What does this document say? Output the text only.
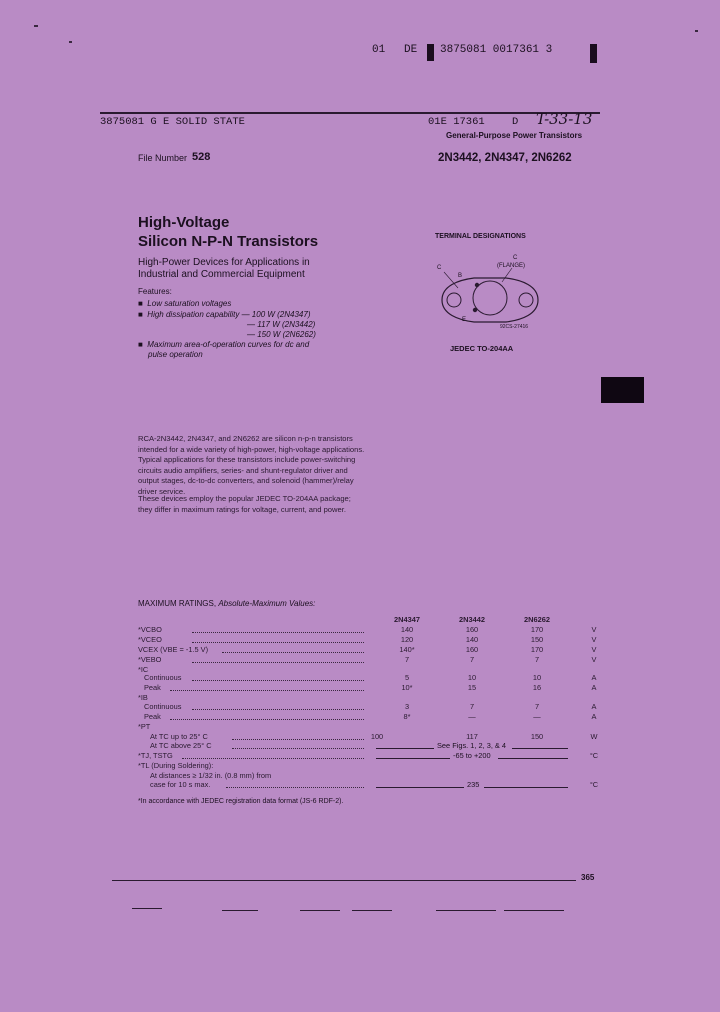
01 DE 3875081 0017361 3
3875081 G E SOLID STATE	01E 17361	D T-33-13
General-Purpose Power Transistors
File Number 528	2N3442, 2N4347, 2N6262
High-Voltage
Silicon N-P-N Transistors
High-Power Devices for Applications in
Industrial and Commercial Equipment
Features:
■ Low saturation voltages
■ High dissipation capability — 100 W (2N4347)
— 117 W (2N3442)
— 150 W (2N6262)
■ Maximum area-of-operation curves for dc and
pulse operation
TERMINAL DESIGNATIONS
C
(FLANGE)
C
B
E
92CS-27416
JEDEC TO-204AA
RCA-2N3442, 2N4347, and 2N6262 are silicon n-p-n transistors intended for a wide variety of high-power, high-voltage applications. Typical applications for these transistors include power-switching circuits audio amplifiers, series- and shunt-regulator driver and output stages, dc-to-dc converters, and solenoid (hammer)/relay driver service.
These devices employ the popular JEDEC TO-204AA package; they differ in maximum ratings for voltage, current, and power.
MAXIMUM RATINGS, Absolute-Maximum Values:
2N4347	2N3442	2N6262
*VCBO	140	160	170	V
*VCEO	120	140	150	V
VCEX (VBE = -1.5 V)	140*	160	170	V
*VEBO	7	7	7	V
*IC
Continuous	5	10	10	A
Peak	10*	15	16	A
*IB
Continuous	3	7	7	A
Peak	8*	—	—	A
*PT
At TC up to 25° C	100	117	150	W
At TC above 25° C	See Figs. 1, 2, 3, & 4
*TJ, TSTG	-65 to +200	°C
*TL (During Soldering):
At distances ≥ 1/32 in. (0.8 mm) from
case for 10 s max.	235	°C
*In accordance with JEDEC registration data format (JS-6 RDF-2).
365
